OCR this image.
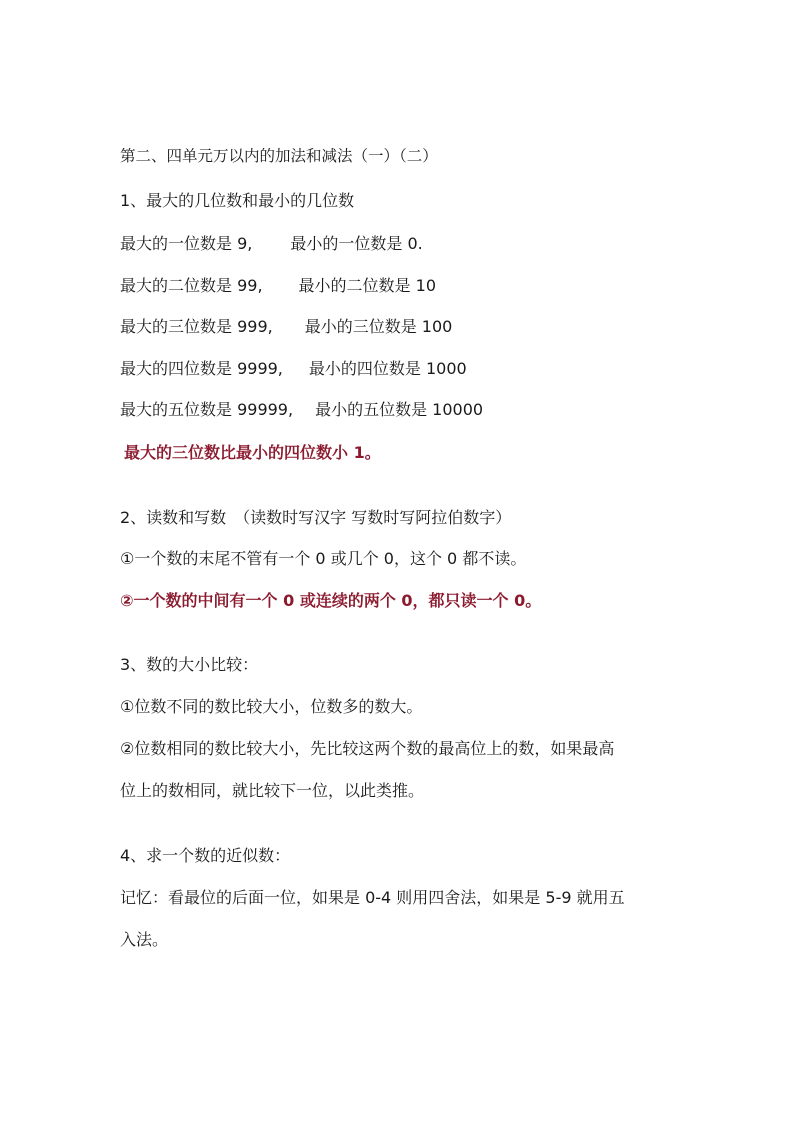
第二、四单元万以内的加法和减法（一）（二）
1、最大的几位数和最小的几位数
最大的一位数是 9, 最小的一位数是 0.
最大的二位数是 99, 最小的二位数是 10
最大的三位数是 999, 最小的三位数是 100
最大的四位数是 9999, 最小的四位数是 1000
最大的五位数是 99999, 最小的五位数是 10000
最大的三位数比最小的四位数小 1。
2、读数和写数　（读数时写汉字 写数时写阿拉伯数字）
①一个数的末尾不管有一个 0 或几个 0，这个 0 都不读。
②一个数的中间有一个 0 或连续的两个 0，都只读一个 0。
3、数的大小比较：
①位数不同的数比较大小，位数多的数大。
②位数相同的数比较大小，先比较这两个数的最高位上的数，如果最高
位上的数相同，就比较下一位，以此类推。
4、求一个数的近似数：
记忆：看最位的后面一位，如果是 0-4 则用四舍法，如果是 5-9 就用五
入法。
